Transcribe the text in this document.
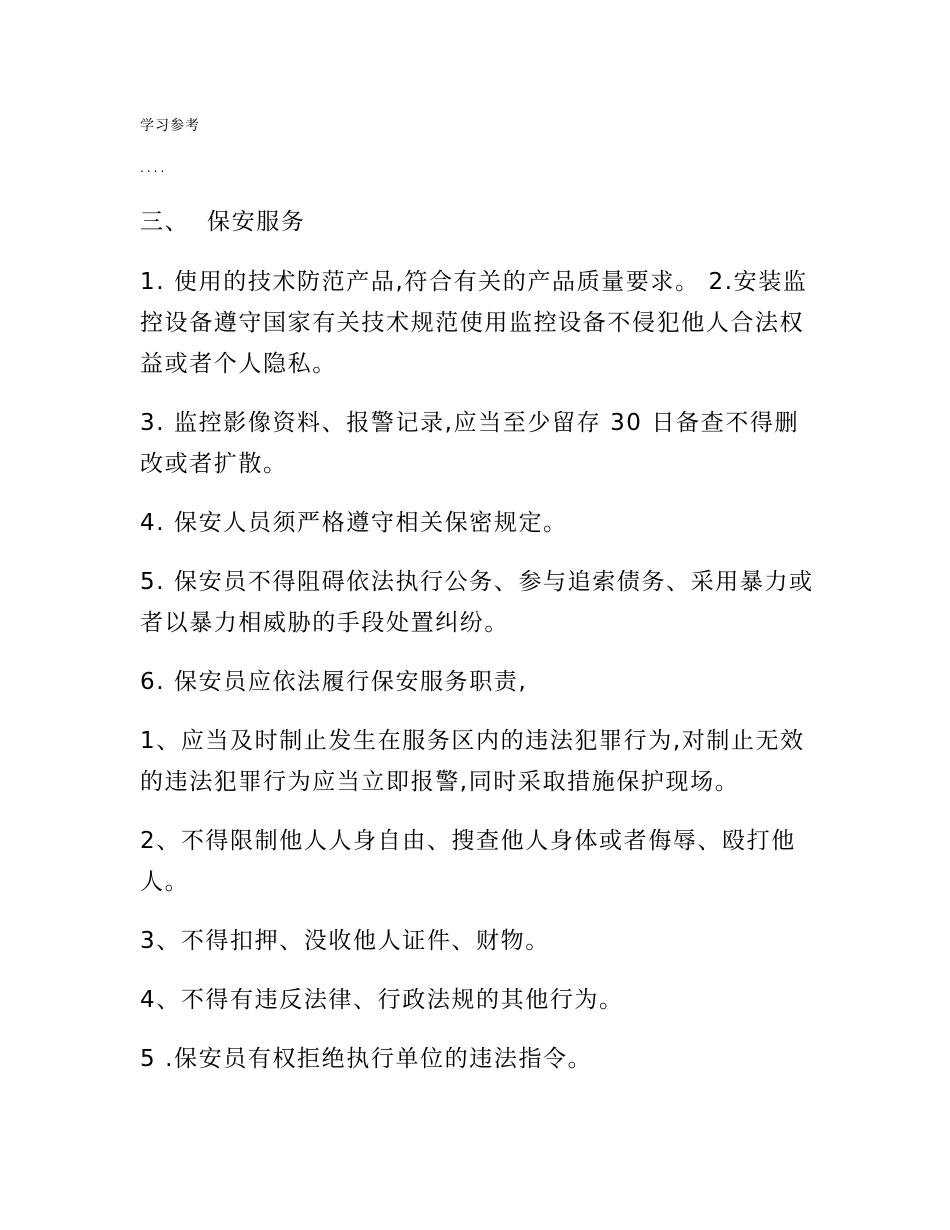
学习参考
....

三、  保安服务

1. 使用的技术防范产品,符合有关的产品质量要求。 2.安装监控设备遵守国家有关技术规范使用监控设备不侵犯他人合法权益或者个人隐私。

3. 监控影像资料、报警记录,应当至少留存 30 日备查不得删改或者扩散。

4. 保安人员须严格遵守相关保密规定。

5. 保安员不得阻碍依法执行公务、参与追索债务、采用暴力或者以暴力相威胁的手段处置纠纷。

6. 保安员应依法履行保安服务职责,

1、应当及时制止发生在服务区内的违法犯罪行为,对制止无效的违法犯罪行为应当立即报警,同时采取措施保护现场。

2、不得限制他人人身自由、搜查他人身体或者侮辱、殴打他人。

3、不得扣押、没收他人证件、财物。

4、不得有违反法律、行政法规的其他行为。

5 .保安员有权拒绝执行单位的违法指令。
